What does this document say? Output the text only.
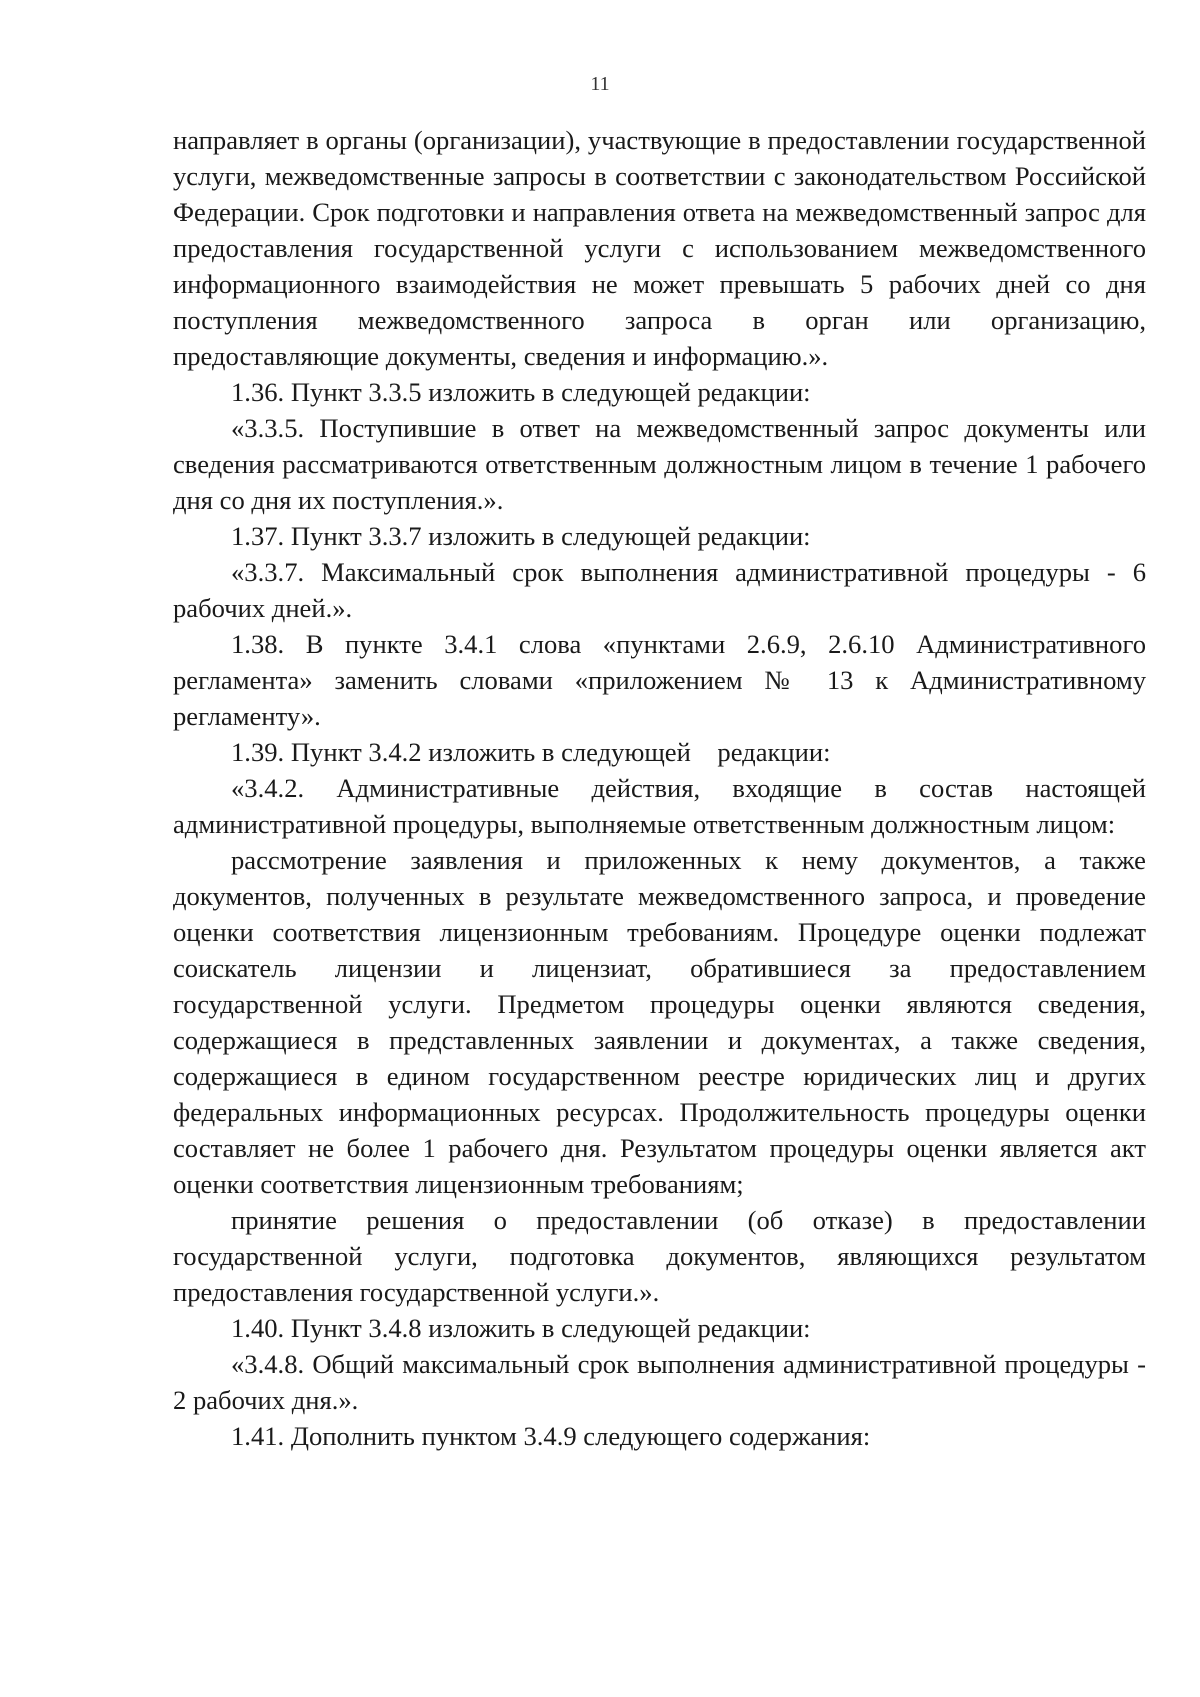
11

направляет в органы (организации), участвующие в предоставлении государственной услуги, межведомственные запросы в соответствии с законодательством Российской Федерации. Срок подготовки и направления ответа на межведомственный запрос для предоставления государственной услуги с использованием межведомственного информационного взаимодействия не может превышать 5 рабочих дней со дня поступления межведомственного запроса в орган или организацию, предоставляющие документы, сведения и информацию.».

1.36. Пункт 3.3.5 изложить в следующей редакции:

«3.3.5. Поступившие в ответ на межведомственный запрос документы или сведения рассматриваются ответственным должностным лицом в течение 1 рабочего дня со дня их поступления.».

1.37. Пункт 3.3.7 изложить в следующей редакции:

«3.3.7. Максимальный срок выполнения административной процедуры - 6 рабочих дней.».

1.38. В пункте 3.4.1 слова «пунктами 2.6.9, 2.6.10 Административного регламента» заменить словами «приложением № 13 к Административному регламенту».

1.39. Пункт 3.4.2 изложить в следующей    редакции:

«3.4.2. Административные действия, входящие в состав настоящей административной процедуры, выполняемые ответственным должностным лицом:

рассмотрение заявления и приложенных к нему документов, а также документов, полученных в результате межведомственного запроса, и проведение оценки соответствия лицензионным требованиям. Процедуре оценки подлежат соискатель лицензии и лицензиат, обратившиеся за предоставлением государственной услуги. Предметом процедуры оценки являются сведения, содержащиеся в представленных заявлении и документах, а также сведения, содержащиеся в едином государственном реестре юридических лиц и других федеральных информационных ресурсах. Продолжительность процедуры оценки составляет не более 1 рабочего дня. Результатом процедуры оценки является акт оценки соответствия лицензионным требованиям;

принятие решения о предоставлении (об отказе) в предоставлении государственной услуги, подготовка документов, являющихся результатом предоставления государственной услуги.».

1.40. Пункт 3.4.8 изложить в следующей редакции:

«3.4.8. Общий максимальный срок выполнения административной процедуры - 2 рабочих дня.».

1.41. Дополнить пунктом 3.4.9 следующего содержания:
